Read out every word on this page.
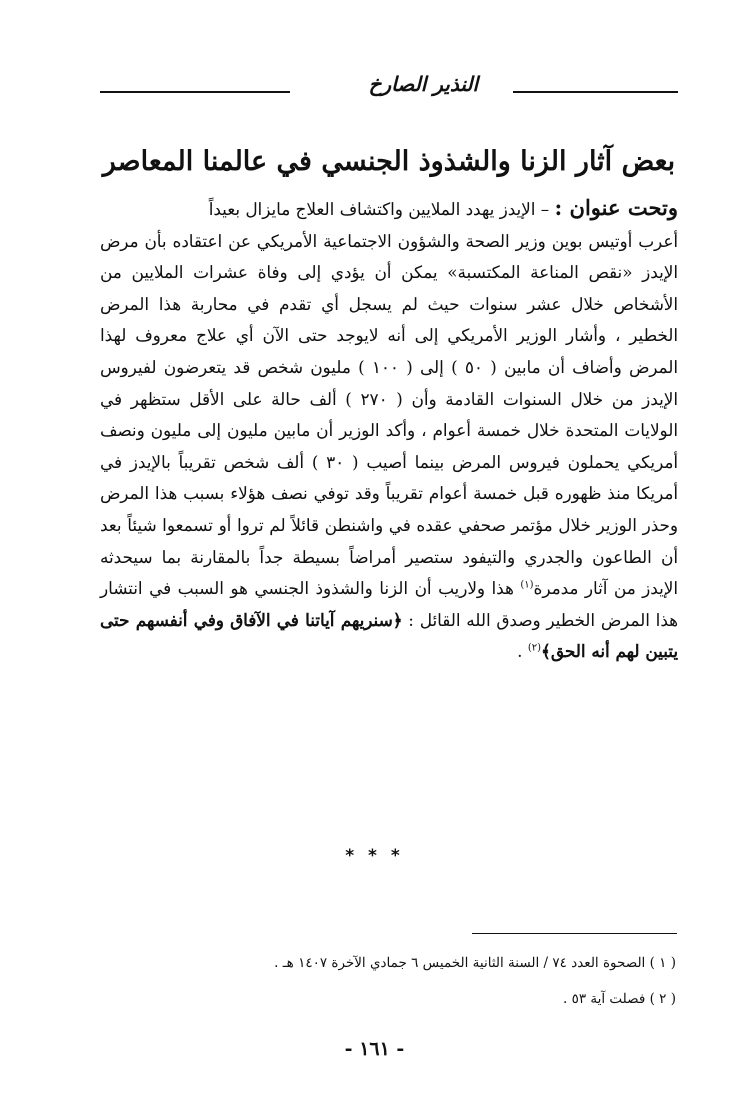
النذير الصارخ
بعض آثار الزنا والشذوذ الجنسي في عالمنا المعاصر

وتحت عنوان : – الإيدز يهدد الملايين واكتشاف العلاج مايزال بعيداً

أعرب أوتيس بوين وزير الصحة والشؤون الاجتماعية الأمريكي عن اعتقاده بأن مرض الإيدز «نقص المناعة المكتسبة» يمكن أن يؤدي إلى وفاة عشرات الملايين من الأشخاص خلال عشر سنوات حيث لم يسجل أي تقدم في محاربة هذا المرض الخطير ، وأشار الوزير الأمريكي إلى أنه لايوجد حتى الآن أي علاج معروف لهذا المرض وأضاف أن مابين ( ٥٠ ) إلى ( ١٠٠ ) مليون شخص قد يتعرضون لفيروس الإيدز من خلال السنوات القادمة وأن ( ٢٧٠ ) ألف حالة على الأقل ستظهر في الولايات المتحدة خلال خمسة أعوام ، وأكد الوزير أن مابين مليون إلى مليون ونصف أمريكي يحملون فيروس المرض بينما أصيب ( ٣٠ ) ألف شخص تقريباً بالإيدز في أمريكا منذ ظهوره قبل خمسة أعوام تقريباً وقد توفي نصف هؤلاء بسبب هذا المرض وحذر الوزير خلال مؤتمر صحفي عقده في واشنطن قائلاً لم تروا أو تسمعوا شيئاً بعد أن الطاعون والجدري والتيفود ستصير أمراضاً بسيطة جداً بالمقارنة بما سيحدثه الإيدز من آثار مدمرة$^{(١)}$ هذا ولاريب أن الزنا والشذوذ الجنسي هو السبب في انتشار هذا المرض الخطير وصدق الله القائل : ﴿سنريهم آياتنا في الآفاق وفي أنفسهم حتى يتبين لهم أنه الحق﴾$^{(٢)}$ .

* * *
( ١ ) الصحوة العدد ٧٤ / السنة الثانية الخميس ٦ جمادي الآخرة ١٤٠٧ هـ .
( ٢ ) فصلت آية ٥٣ .
- ١٦١ -
